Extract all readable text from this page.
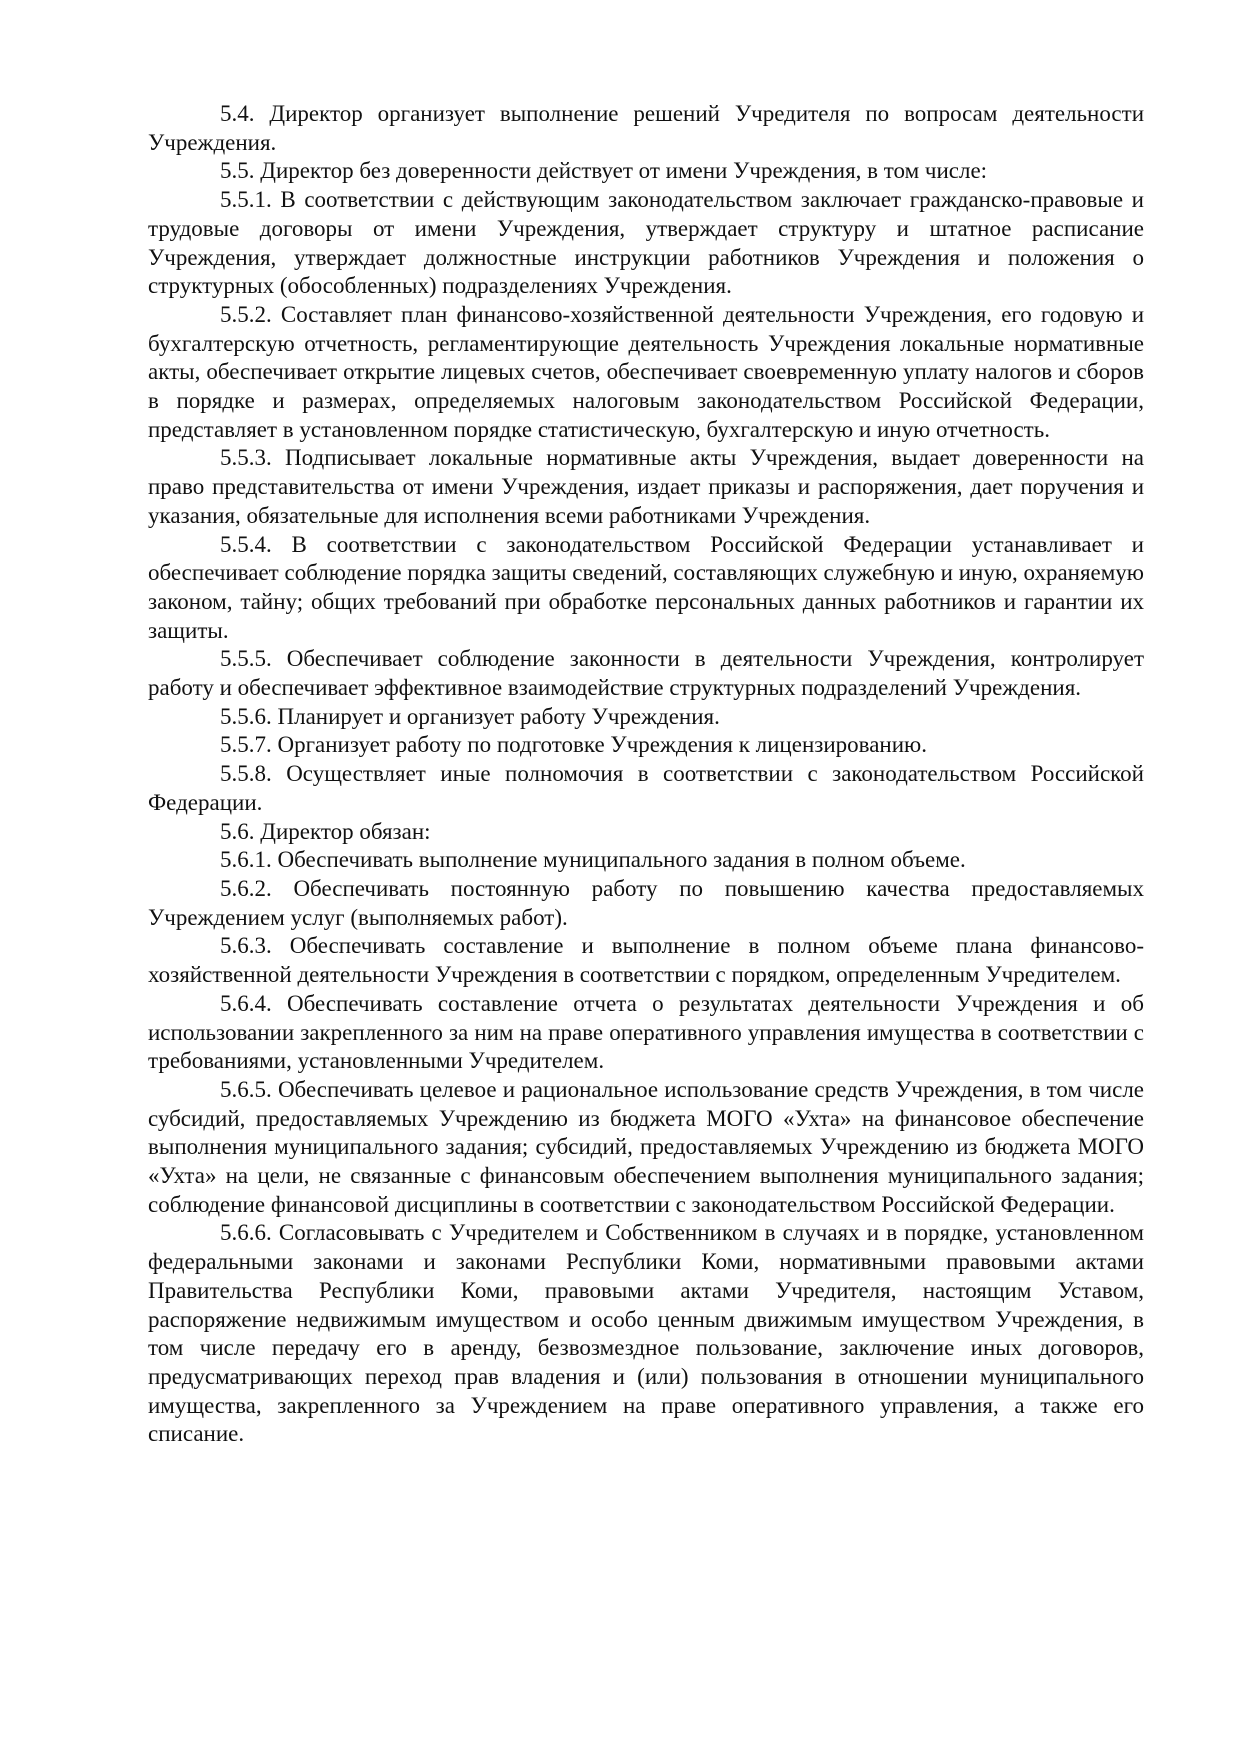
5.4. Директор организует выполнение решений Учредителя по вопросам деятельности Учреждения.

5.5. Директор без доверенности действует от имени Учреждения, в том числе:

5.5.1. В соответствии с действующим законодательством заключает гражданско-правовые и трудовые договоры от имени Учреждения, утверждает структуру и штатное расписание Учреждения, утверждает должностные инструкции работников Учреждения и положения о структурных (обособленных) подразделениях Учреждения.

5.5.2. Составляет план финансово-хозяйственной деятельности Учреждения, его годовую и бухгалтерскую отчетность, регламентирующие деятельность Учреждения локальные нормативные акты, обеспечивает открытие лицевых счетов, обеспечивает своевременную уплату налогов и сборов в порядке и размерах, определяемых налоговым законодательством Российской Федерации, представляет в установленном порядке статистическую, бухгалтерскую и иную отчетность.

5.5.3. Подписывает локальные нормативные акты Учреждения, выдает доверенности на право представительства от имени Учреждения, издает приказы и распоряжения, дает поручения и указания, обязательные для исполнения всеми работниками Учреждения.

5.5.4. В соответствии с законодательством Российской Федерации устанавливает и обеспечивает соблюдение порядка защиты сведений, составляющих служебную и иную, охраняемую законом, тайну; общих требований при обработке персональных данных работников и гарантии их защиты.

5.5.5. Обеспечивает соблюдение законности в деятельности Учреждения, контролирует работу и обеспечивает эффективное взаимодействие структурных подразделений Учреждения.

5.5.6. Планирует и организует работу Учреждения.

5.5.7. Организует работу по подготовке Учреждения к лицензированию.

5.5.8. Осуществляет иные полномочия в соответствии с законодательством Российской Федерации.

5.6. Директор обязан:

5.6.1. Обеспечивать выполнение муниципального задания в полном объеме.

5.6.2. Обеспечивать постоянную работу по повышению качества предоставляемых Учреждением услуг (выполняемых работ).

5.6.3. Обеспечивать составление и выполнение в полном объеме плана финансово-хозяйственной деятельности Учреждения в соответствии с порядком, определенным Учредителем.

5.6.4. Обеспечивать составление отчета о результатах деятельности Учреждения и об использовании закрепленного за ним на праве оперативного управления имущества в соответствии с требованиями, установленными Учредителем.

5.6.5. Обеспечивать целевое и рациональное использование средств Учреждения, в том числе субсидий, предоставляемых Учреждению из бюджета МОГО «Ухта» на финансовое обеспечение выполнения муниципального задания; субсидий, предоставляемых Учреждению из бюджета МОГО «Ухта» на цели, не связанные с финансовым обеспечением выполнения муниципального задания; соблюдение финансовой дисциплины в соответствии с законодательством Российской Федерации.

5.6.6. Согласовывать с Учредителем и Собственником в случаях и в порядке, установленном федеральными законами и законами Республики Коми, нормативными правовыми актами Правительства Республики Коми, правовыми актами Учредителя, настоящим Уставом, распоряжение недвижимым имуществом и особо ценным движимым имуществом Учреждения, в том числе передачу его в аренду, безвозмездное пользование, заключение иных договоров, предусматривающих переход прав владения и (или) пользования в отношении муниципального имущества, закрепленного за Учреждением на праве оперативного управления, а также его списание.
